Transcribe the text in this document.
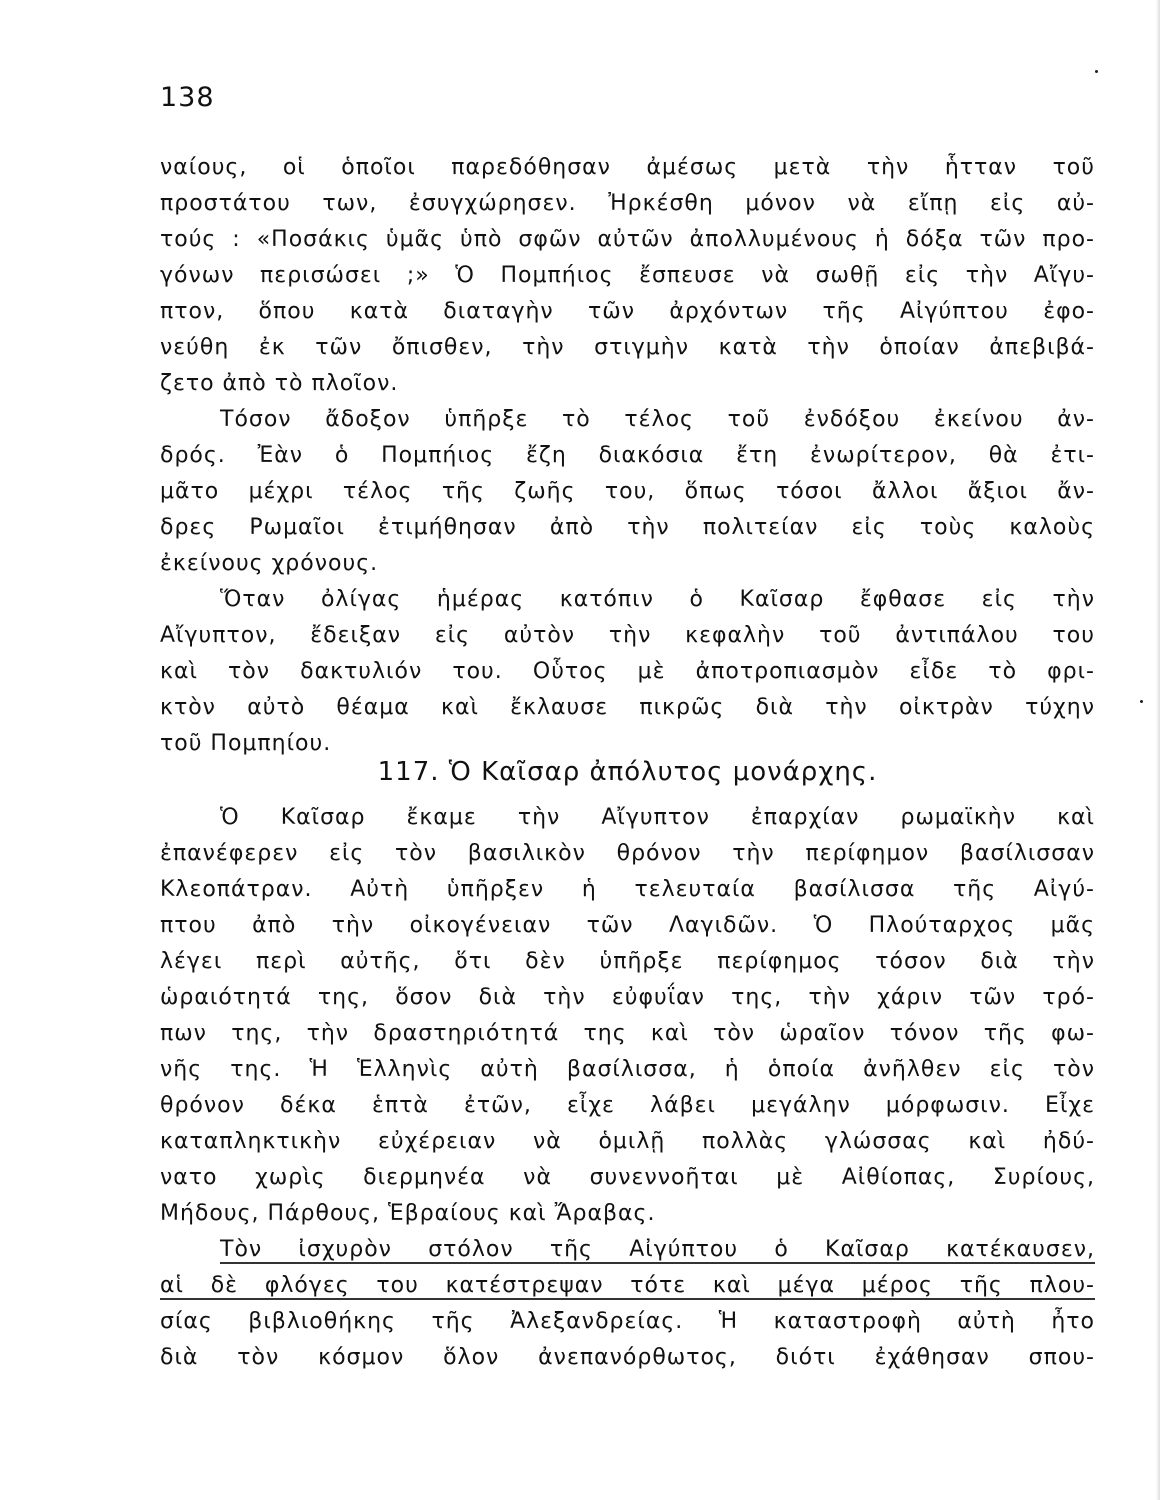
138
ναίους, οἱ ὁποῖοι παρεδόθησαν ἀμέσως μετὰ τὴν ἧτταν τοῦ
προστάτου των, ἐσυγχώρησεν. Ἠρκέσθη μόνον νὰ εἴπῃ εἰς αὐ-
τούς : «Ποσάκις ὑμᾶς ὑπὸ σφῶν αὐτῶν ἀπολλυμένους ἡ δόξα τῶν προ-
γόνων περισώσει ;» Ὁ Πομπήιος ἔσπευσε νὰ σωθῇ εἰς τὴν Αἴγυ-
πτον, ὅπου κατὰ διαταγὴν τῶν ἀρχόντων τῆς Αἰγύπτου ἐφο-
νεύθη ἐκ τῶν ὄπισθεν, τὴν στιγμὴν κατὰ τὴν ὁποίαν ἀπεβιβά-
ζετο ἀπὸ τὸ πλοῖον.
Τόσον ἄδοξον ὑπῆρξε τὸ τέλος τοῦ ἐνδόξου ἐκείνου ἀν-
δρός. Ἐὰν ὁ Πομπήιος ἔζη διακόσια ἔτη ἐνωρίτερον, θὰ ἐτι-
μᾶτο μέχρι τέλος τῆς ζωῆς του, ὅπως τόσοι ἄλλοι ἄξιοι ἄν-
δρες Ρωμαῖοι ἐτιμήθησαν ἀπὸ τὴν πολιτείαν εἰς τοὺς καλοὺς
ἐκείνους χρόνους.
Ὅταν ὀλίγας ἡμέρας κατόπιν ὁ Καῖσαρ ἔφθασε εἰς τὴν
Αἴγυπτον, ἔδειξαν εἰς αὐτὸν τὴν κεφαλὴν τοῦ ἀντιπάλου του
καὶ τὸν δακτυλιόν του. Οὗτος μὲ ἀποτροπιασμὸν εἶδε τὸ φρι-
κτὸν αὐτὸ θέαμα καὶ ἔκλαυσε πικρῶς διὰ τὴν οἰκτρὰν τύχην
τοῦ Πομπηίου.
117. Ὁ Καῖσαρ ἀπόλυτος μονάρχης.
Ὁ Καῖσαρ ἔκαμε τὴν Αἴγυπτον ἐπαρχίαν ρωμαϊκὴν καὶ
ἐπανέφερεν εἰς τὸν βασιλικὸν θρόνον τὴν περίφημον βασίλισσαν
Κλεοπάτραν. Αὐτὴ ὑπῆρξεν ἡ τελευταία βασίλισσα τῆς Αἰγύ-
πτου ἀπὸ τὴν οἰκογένειαν τῶν Λαγιδῶν. Ὁ Πλούταρχος μᾶς
λέγει περὶ αὐτῆς, ὅτι δὲν ὑπῆρξε περίφημος τόσον διὰ τὴν
ὡραιότητά της, ὅσον διὰ τὴν εὐφυΐαν της, τὴν χάριν τῶν τρό-
πων της, τὴν δραστηριότητά της καὶ τὸν ὡραῖον τόνον τῆς φω-
νῆς της. Ἡ Ἑλληνὶς αὐτὴ βασίλισσα, ἡ ὁποία ἀνῆλθεν εἰς τὸν
θρόνον δέκα ἑπτὰ ἐτῶν, εἶχε λάβει μεγάλην μόρφωσιν. Εἶχε
καταπληκτικὴν εὐχέρειαν νὰ ὁμιλῇ πολλὰς γλώσσας καὶ ἠδύ-
νατο χωρὶς διερμηνέα νὰ συνεννοῆται μὲ Αἰθίοπας, Συρίους,
Μήδους, Πάρθους, Ἑβραίους καὶ Ἄραβας.
Τὸν ἰσχυρὸν στόλον τῆς Αἰγύπτου ὁ Καῖσαρ κατέκαυσεν,
αἱ δὲ φλόγες του κατέστρεψαν τότε καὶ μέγα μέρος τῆς πλου-
σίας βιβλιοθήκης τῆς Ἀλεξανδρείας. Ἡ καταστροφὴ αὐτὴ ἦτο
διὰ τὸν κόσμον ὅλον ἀνεπανόρθωτος, διότι ἐχάθησαν σπου-
